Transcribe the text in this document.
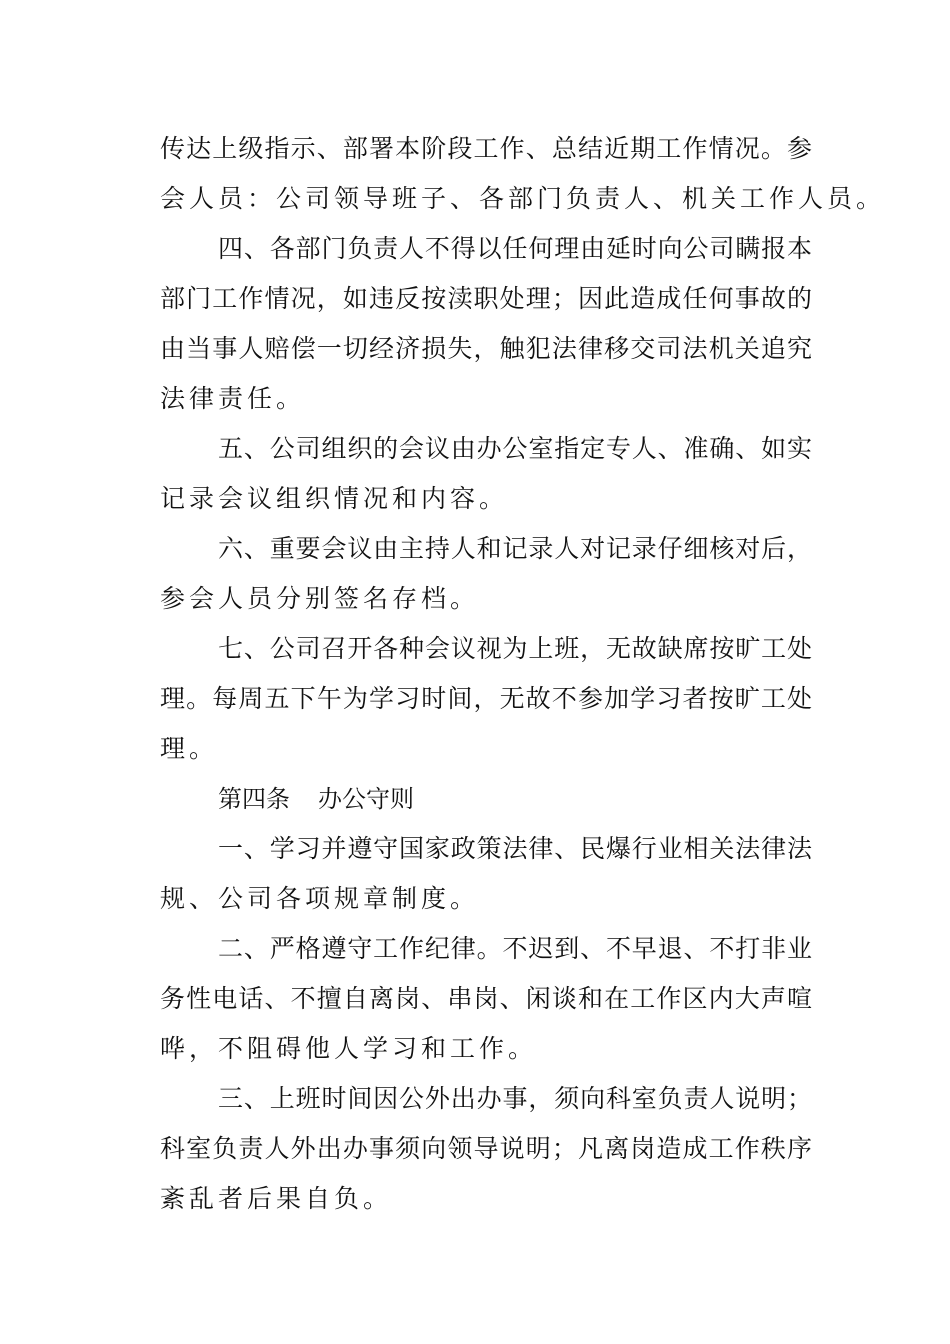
传达上级指示、部署本阶段工作、总结近期工作情况。参
会人员：公司领导班子、各部门负责人、机关工作人员。
四、各部门负责人不得以任何理由延时向公司瞒报本
部门工作情况，如违反按渎职处理；因此造成任何事故的
由当事人赔偿一切经济损失，触犯法律移交司法机关追究
法律责任。
五、公司组织的会议由办公室指定专人、准确、如实
记录会议组织情况和内容。
六、重要会议由主持人和记录人对记录仔细核对后，
参会人员分别签名存档。
七、公司召开各种会议视为上班，无故缺席按旷工处
理。每周五下午为学习时间，无故不参加学习者按旷工处
理。
第四条 办公守则
一、学习并遵守国家政策法律、民爆行业相关法律法
规、公司各项规章制度。
二、严格遵守工作纪律。不迟到、不早退、不打非业
务性电话、不擅自离岗、串岗、闲谈和在工作区内大声喧
哗，不阻碍他人学习和工作。
三、上班时间因公外出办事，须向科室负责人说明；
科室负责人外出办事须向领导说明；凡离岗造成工作秩序
紊乱者后果自负。
